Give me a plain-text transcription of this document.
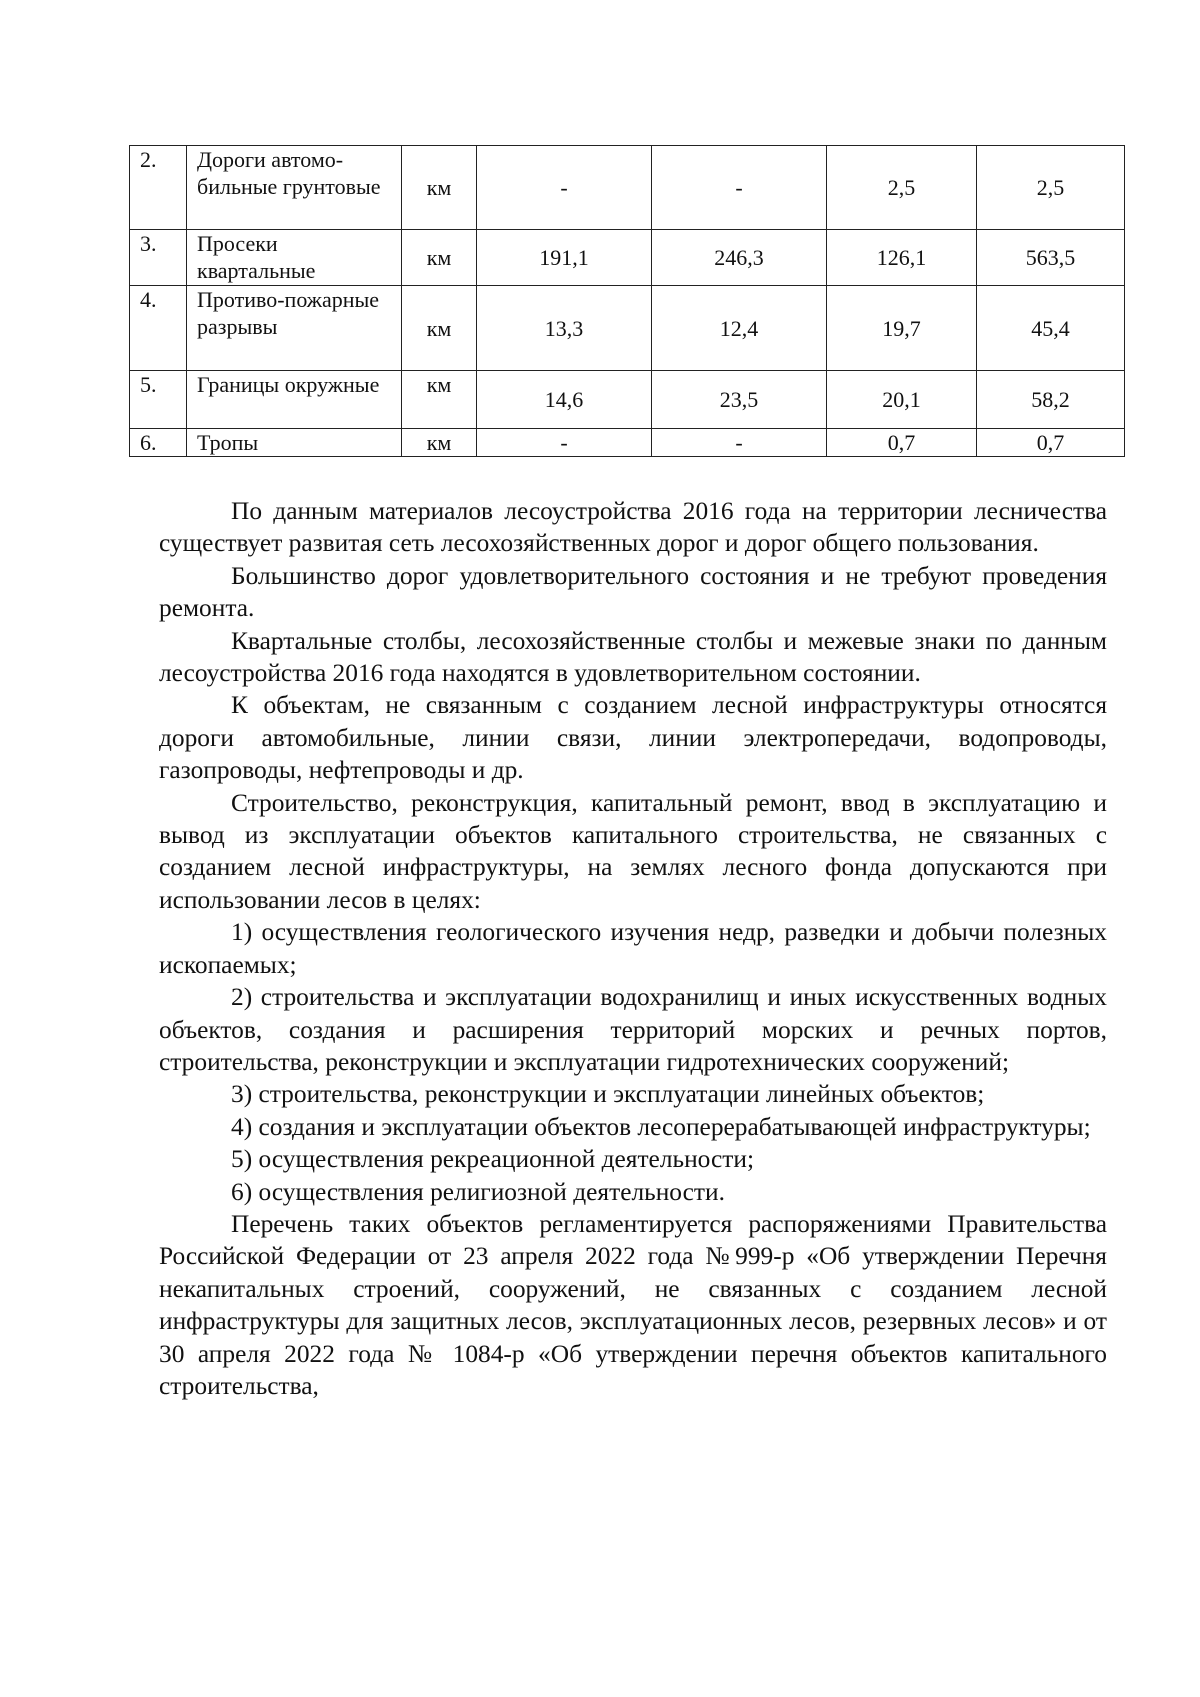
2.	Дороги автомо-бильные грунтовые	км	-	-	2,5	2,5
3.	Просеки квартальные	км	191,1	246,3	126,1	563,5
4.	Противо-пожарные разрывы	км	13,3	12,4	19,7	45,4
5.	Границы окружные	км	14,6	23,5	20,1	58,2
6.	Тропы	км	-	-	0,7	0,7

По данным материалов лесоустройства 2016 года на территории лесничества существует развитая сеть лесохозяйственных дорог и дорог общего пользования.

Большинство дорог удовлетворительного состояния и не требуют проведения ремонта.

Квартальные столбы, лесохозяйственные столбы и межевые знаки по данным лесоустройства 2016 года находятся в удовлетворительном состоянии.

К объектам, не связанным с созданием лесной инфраструктуры относятся дороги автомобильные, линии связи, линии электропередачи, водопроводы, газопроводы, нефтепроводы и др.

Строительство, реконструкция, капитальный ремонт, ввод в эксплуатацию и вывод из эксплуатации объектов капитального строительства, не связанных с созданием лесной инфраструктуры, на землях лесного фонда допускаются при использовании лесов в целях:

1) осуществления геологического изучения недр, разведки и добычи полезных ископаемых;

2) строительства и эксплуатации водохранилищ и иных искусственных водных объектов, создания и расширения территорий морских и речных портов, строительства, реконструкции и эксплуатации гидротехнических сооружений;

3) строительства, реконструкции и эксплуатации линейных объектов;

4) создания и эксплуатации объектов лесоперерабатывающей инфраструктуры;

5) осуществления рекреационной деятельности;

6) осуществления религиозной деятельности.

Перечень таких объектов регламентируется распоряжениями Правительства Российской Федерации от 23 апреля 2022 года №999-р «Об утверждении Перечня некапитальных строений, сооружений, не связанных с созданием лесной инфраструктуры для защитных лесов, эксплуатационных лесов, резервных лесов» и от 30 апреля 2022 года № 1084-р «Об утверждении перечня объектов капитального строительства,
